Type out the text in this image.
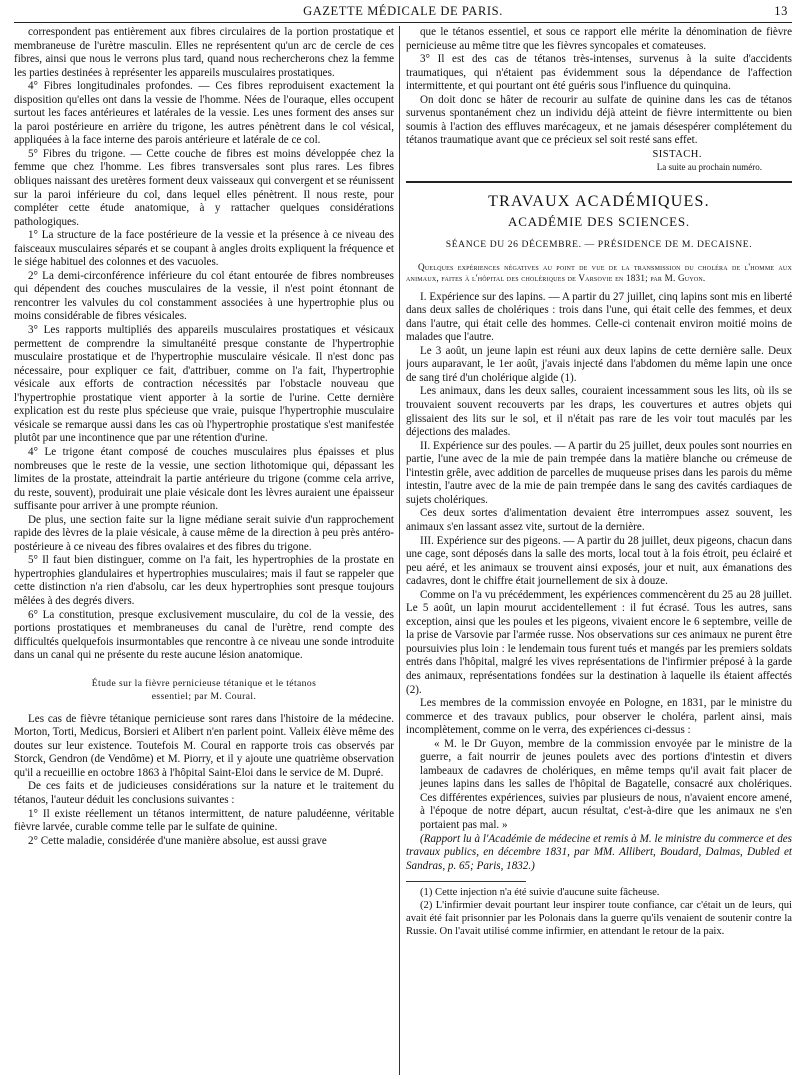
GAZETTE MÉDICALE DE PARIS.	13

correspondent pas entièrement aux fibres circulaires de la portion prostatique et membraneuse de l'urètre masculin. Elles ne représentent qu'un arc de cercle de ces fibres, ainsi que nous le verrons plus tard, quand nous rechercherons chez la femme les parties destinées à représenter les appareils musculaires prostatiques.

4° Fibres longitudinales profondes. — Ces fibres reproduisent exactement la disposition qu'elles ont dans la vessie de l'homme. Nées de l'ouraque, elles occupent surtout les faces antérieures et latérales de la vessie. Les unes forment des anses sur la paroi postérieure en arrière du trigone, les autres pénètrent dans le col vésical, appliquées à la face interne des parois antérieure et latérale de ce col.

5° Fibres du trigone. — Cette couche de fibres est moins développée chez la femme que chez l'homme. Les fibres transversales sont plus rares. Les fibres obliques naissant des uretères forment deux vaisseaux qui convergent et se réunissent sur la paroi inférieure du col, dans lequel elles pénètrent. Il nous reste, pour compléter cette étude anatomique, à y rattacher quelques considérations pathologiques.

1° La structure de la face postérieure de la vessie et la présence à ce niveau des faisceaux musculaires séparés et se coupant à angles droits expliquent la fréquence et le siége habituel des colonnes et des vacuoles.

2° La demi-circonférence inférieure du col étant entourée de fibres nombreuses qui dépendent des couches musculaires de la vessie, il n'est point étonnant de rencontrer les valvules du col constamment associées à une hypertrophie plus ou moins considérable de fibres vésicales.

3° Les rapports multipliés des appareils musculaires prostatiques et vésicaux permettent de comprendre la simultanéité presque constante de l'hypertrophie musculaire prostatique et de l'hypertrophie musculaire vésicale. Il n'est donc pas nécessaire, pour expliquer ce fait, d'attribuer, comme on l'a fait, l'hypertrophie vésicale aux efforts de contraction nécessités par l'obstacle nouveau que l'hypertrophie prostatique vient apporter à la sortie de l'urine. Cette dernière explication est du reste plus spécieuse que vraie, puisque l'hypertrophie musculaire vésicale se remarque aussi dans les cas où l'hypertrophie prostatique s'est manifestée plutôt par une incontinence que par une rétention d'urine.

4° Le trigone étant composé de couches musculaires plus épaisses et plus nombreuses que le reste de la vessie, une section lithotomique qui, dépassant les limites de la prostate, atteindrait la partie antérieure du trigone (comme cela arrive, du reste, souvent), produirait une plaie vésicale dont les lèvres auraient une épaisseur suffisante pour arriver à une prompte réunion.

De plus, une section faite sur la ligne médiane serait suivie d'un rapprochement rapide des lèvres de la plaie vésicale, à cause même de la direction à peu près antéro-postérieure à ce niveau des fibres ovalaires et des fibres du trigone.

5° Il faut bien distinguer, comme on l'a fait, les hypertrophies de la prostate en hypertrophies glandulaires et hypertrophies musculaires; mais il faut se rappeler que cette distinction n'a rien d'absolu, car les deux hypertrophies sont presque toujours mêlées à des degrés divers.

6° La constitution, presque exclusivement musculaire, du col de la vessie, des portions prostatiques et membraneuses du canal de l'urètre, rend compte des difficultés quelquefois insurmontables que rencontre à ce niveau une sonde introduite dans un canal qui ne présente du reste aucune lésion anatomique.

Étude sur la fièvre pernicieuse tétanique et le tétanos
essentiel; par M. Coural.

Les cas de fièvre tétanique pernicieuse sont rares dans l'histoire de la médecine. Morton, Torti, Medicus, Borsieri et Alibert n'en parlent point. Valleix élève même des doutes sur leur existence. Toutefois M. Coural en rapporte trois cas observés par Storck, Gendron (de Vendôme) et M. Piorry, et il y ajoute une quatrième observation qu'il a recueillie en octobre 1863 à l'hôpital Saint-Eloi dans le service de M. Dupré.

De ces faits et de judicieuses considérations sur la nature et le traitement du tétanos, l'auteur déduit les conclusions suivantes :

1° Il existe réellement un tétanos intermittent, de nature paludéenne, véritable fièvre larvée, curable comme telle par le sulfate de quinine.

2° Cette maladie, considérée d'une manière absolue, est aussi grave

que le tétanos essentiel, et sous ce rapport elle mérite la dénomination de fièvre pernicieuse au même titre que les fièvres syncopales et comateuses.

3° Il est des cas de tétanos très-intenses, survenus à la suite d'accidents traumatiques, qui n'étaient pas évidemment sous la dépendance de l'affection intermittente, et qui pourtant ont été guéris sous l'influence du quinquina.

On doit donc se hâter de recourir au sulfate de quinine dans les cas de tétanos survenus spontanément chez un individu déjà atteint de fièvre intermittente ou bien soumis à l'action des effluves marécageux, et ne jamais désespérer complétement du tétanos traumatique avant que ce précieux sel soit resté sans effet.

SISTACH.

La suite au prochain numéro.

TRAVAUX ACADÉMIQUES.
ACADÉMIE DES SCIENCES.
SÉANCE DU 26 DÉCEMBRE. — PRÉSIDENCE DE M. DECAISNE.

Quelques expériences négatives au point de vue de la transmission du choléra de l'homme aux animaux, faites à l'hôpital des cholériques de Varsovie en 1831; par M. Guyon.

I. Expérience sur des lapins. — A partir du 27 juillet, cinq lapins sont mis en liberté dans deux salles de cholériques : trois dans l'une, qui était celle des femmes, et deux dans l'autre, qui était celle des hommes. Celle-ci contenait environ moitié moins de malades que l'autre.

Le 3 août, un jeune lapin est réuni aux deux lapins de cette dernière salle. Deux jours auparavant, le 1er août, j'avais injecté dans l'abdomen du même lapin une once de sang tiré d'un cholérique algide (1).

Les animaux, dans les deux salles, couraient incessamment sous les lits, où ils se trouvaient souvent recouverts par les draps, les couvertures et autres objets qui glissaient des lits sur le sol, et il n'était pas rare de les voir tout maculés par les déjections des malades.

II. Expérience sur des poules. — A partir du 25 juillet, deux poules sont nourries en partie, l'une avec de la mie de pain trempée dans la matière blanche ou crémeuse de l'intestin grêle, avec addition de parcelles de muqueuse prises dans les parois du même intestin, l'autre avec de la mie de pain trempée dans le sang des cavités cardiaques de sujets cholériques.

Ces deux sortes d'alimentation devaient être interrompues assez souvent, les animaux s'en lassant assez vite, surtout de la dernière.

III. Expérience sur des pigeons. — A partir du 28 juillet, deux pigeons, chacun dans une cage, sont déposés dans la salle des morts, local tout à la fois étroit, peu éclairé et peu aéré, et les animaux se trouvent ainsi exposés, jour et nuit, aux émanations des cadavres, dont le chiffre était journellement de six à douze.

Comme on l'a vu précédemment, les expériences commencèrent du 25 au 28 juillet. Le 5 août, un lapin mourut accidentellement : il fut écrasé. Tous les autres, sans exception, ainsi que les poules et les pigeons, vivaient encore le 6 septembre, veille de la prise de Varsovie par l'armée russe. Nos observations sur ces animaux ne purent être poursuivies plus loin : le lendemain tous furent tués et mangés par les premiers soldats entrés dans l'hôpital, malgré les vives représentations de l'infirmier préposé à la garde des animaux, représentations fondées sur la destination à laquelle ils étaient affectés (2).

Les membres de la commission envoyée en Pologne, en 1831, par le ministre du commerce et des travaux publics, pour observer le choléra, parlent ainsi, mais incomplètement, comme on le verra, des expériences ci-dessus :

« M. le Dr Guyon, membre de la commission envoyée par le ministre de la guerre, a fait nourrir de jeunes poulets avec des portions d'intestin et divers lambeaux de cadavres de cholériques, en même temps qu'il avait fait placer de jeunes lapins dans les salles de l'hôpital de Bagatelle, consacré aux cholériques. Ces différentes expériences, suivies par plusieurs de nous, n'avaient encore amené, à l'époque de notre départ, aucun résultat, c'est-à-dire que les animaux ne s'en portaient pas mal. »

(Rapport lu à l'Académie de médecine et remis à M. le ministre du commerce et des travaux publics, en décembre 1831, par MM. Allibert, Boudard, Dalmas, Dubled et Sandras, p. 65; Paris, 1832.)

(1) Cette injection n'a été suivie d'aucune suite fâcheuse.

(2) L'infirmier devait pourtant leur inspirer toute confiance, car c'était un de leurs, qui avait été fait prisonnier par les Polonais dans la guerre qu'ils venaient de soutenir contre la Russie. On l'avait utilisé comme infirmier, en attendant le retour de la paix.
